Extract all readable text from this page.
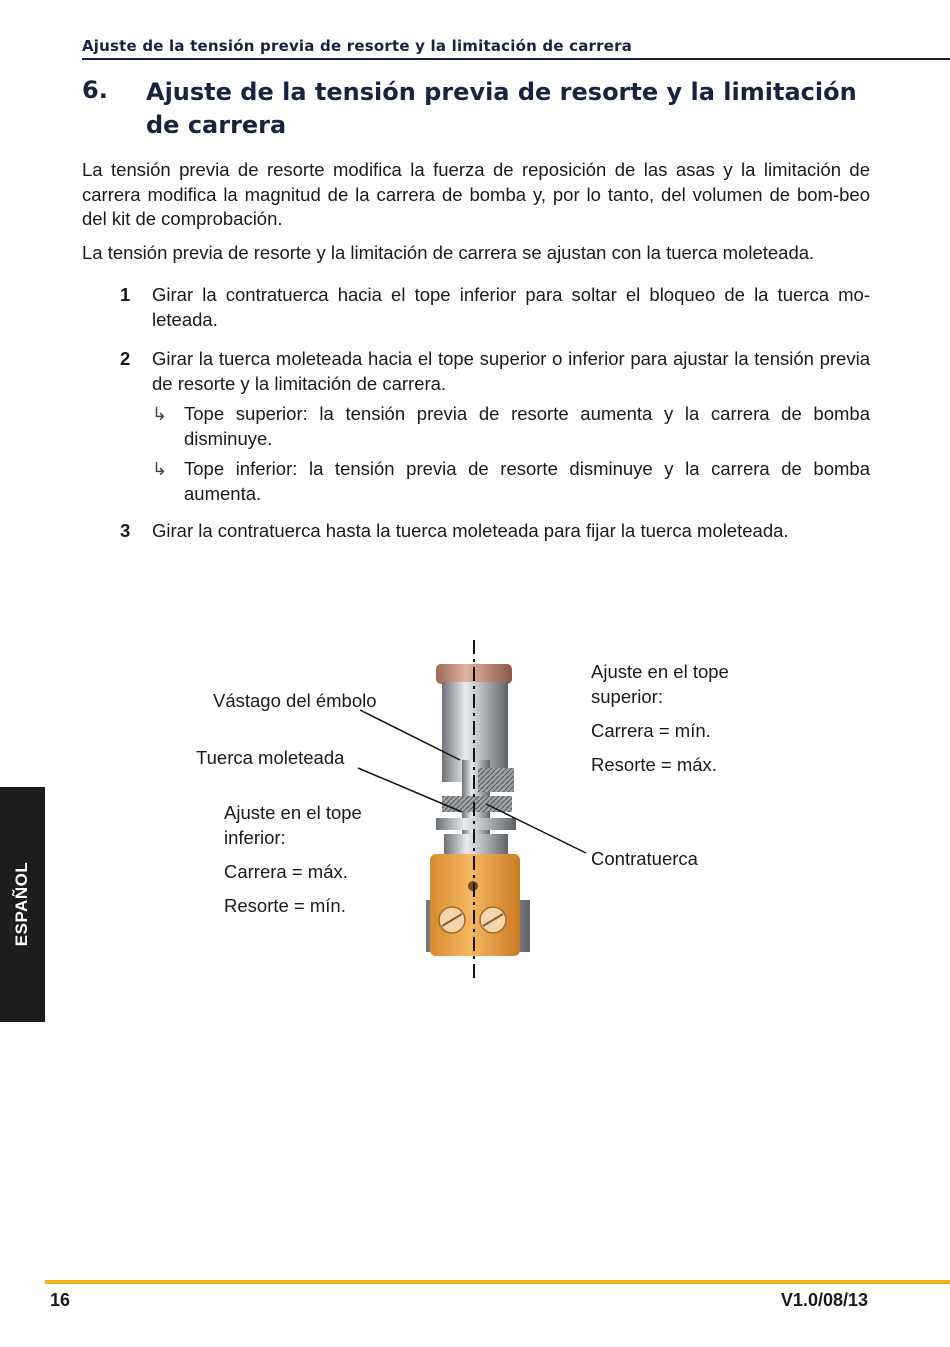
Ajuste de la tensión previa de resorte y la limitación de carrera
6. Ajuste de la tensión previa de resorte y la limitación de carrera
La tensión previa de resorte modifica la fuerza de reposición de las asas y la limitación de carrera modifica la magnitud de la carrera de bomba y, por lo tanto, del volumen de bom-beo del kit de comprobación.
La tensión previa de resorte y la limitación de carrera se ajustan con la tuerca moleteada.
1 Girar la contratuerca hacia el tope inferior para soltar el bloqueo de la tuerca mo-leteada.
2 Girar la tuerca moleteada hacia el tope superior o inferior para ajustar la tensión previa de resorte y la limitación de carrera.
↳ Tope superior: la tensión previa de resorte aumenta y la carrera de bomba disminuye.
↳ Tope inferior: la tensión previa de resorte disminuye y la carrera de bomba aumenta.
3 Girar la contratuerca hasta la tuerca moleteada para fijar la tuerca moleteada.
Vástago del émbolo
Tuerca moleteada
Ajuste en el tope
inferior:
Carrera = máx.
Resorte = mín.
Ajuste en el tope
superior:
Carrera = mín.
Resorte = máx.
Contratuerca
ESPAÑOL
16	V1.0/08/13
